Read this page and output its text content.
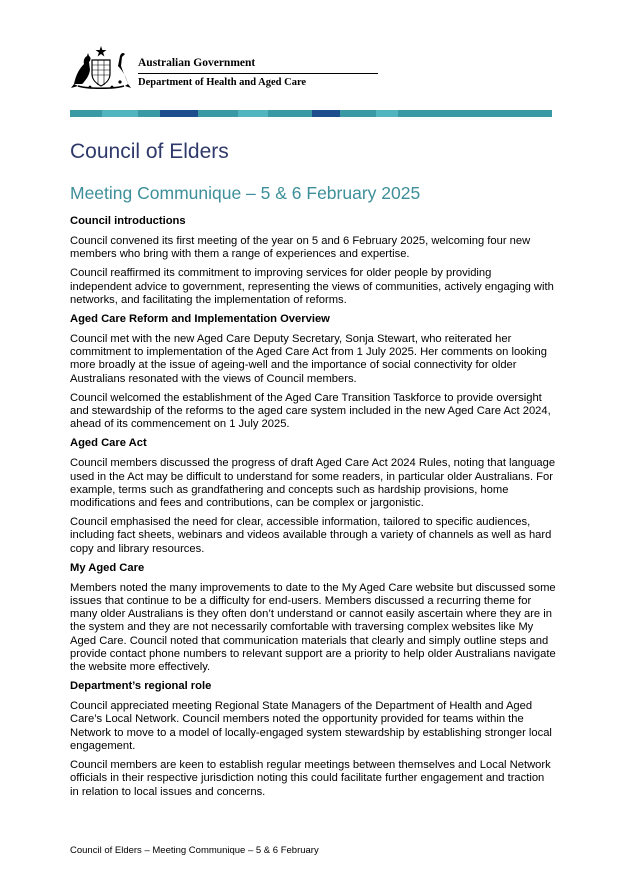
Australian Government
Department of Health and Aged Care
Council of Elders
Meeting Communique – 5 & 6 February 2025
Council introductions

Council convened its first meeting of the year on 5 and 6 February 2025, welcoming four new members who bring with them a range of experiences and expertise.

Council reaffirmed its commitment to improving services for older people by providing independent advice to government, representing the views of communities, actively engaging with networks, and facilitating the implementation of reforms.

Aged Care Reform and Implementation Overview

Council met with the new Aged Care Deputy Secretary, Sonja Stewart, who reiterated her commitment to implementation of the Aged Care Act from 1 July 2025. Her comments on looking more broadly at the issue of ageing-well and the importance of social connectivity for older Australians resonated with the views of Council members.

Council welcomed the establishment of the Aged Care Transition Taskforce to provide oversight and stewardship of the reforms to the aged care system included in the new Aged Care Act 2024, ahead of its commencement on 1 July 2025.

Aged Care Act

Council members discussed the progress of draft Aged Care Act 2024 Rules, noting that language used in the Act may be difficult to understand for some readers, in particular older Australians. For example, terms such as grandfathering and concepts such as hardship provisions, home modifications and fees and contributions, can be complex or jargonistic.

Council emphasised the need for clear, accessible information, tailored to specific audiences, including fact sheets, webinars and videos available through a variety of channels as well as hard copy and library resources.

My Aged Care

Members noted the many improvements to date to the My Aged Care website but discussed some issues that continue to be a difficulty for end-users. Members discussed a recurring theme for many older Australians is they often don’t understand or cannot easily ascertain where they are in the system and they are not necessarily comfortable with traversing complex websites like My Aged Care. Council noted that communication materials that clearly and simply outline steps and provide contact phone numbers to relevant support are a priority to help older Australians navigate the website more effectively.

Department’s regional role

Council appreciated meeting Regional State Managers of the Department of Health and Aged Care’s Local Network. Council members noted the opportunity provided for teams within the Network to move to a model of locally-engaged system stewardship by establishing stronger local engagement.

Council members are keen to establish regular meetings between themselves and Local Network officials in their respective jurisdiction noting this could facilitate further engagement and traction in relation to local issues and concerns.

Council of Elders – Meeting Communique – 5 & 6 February
